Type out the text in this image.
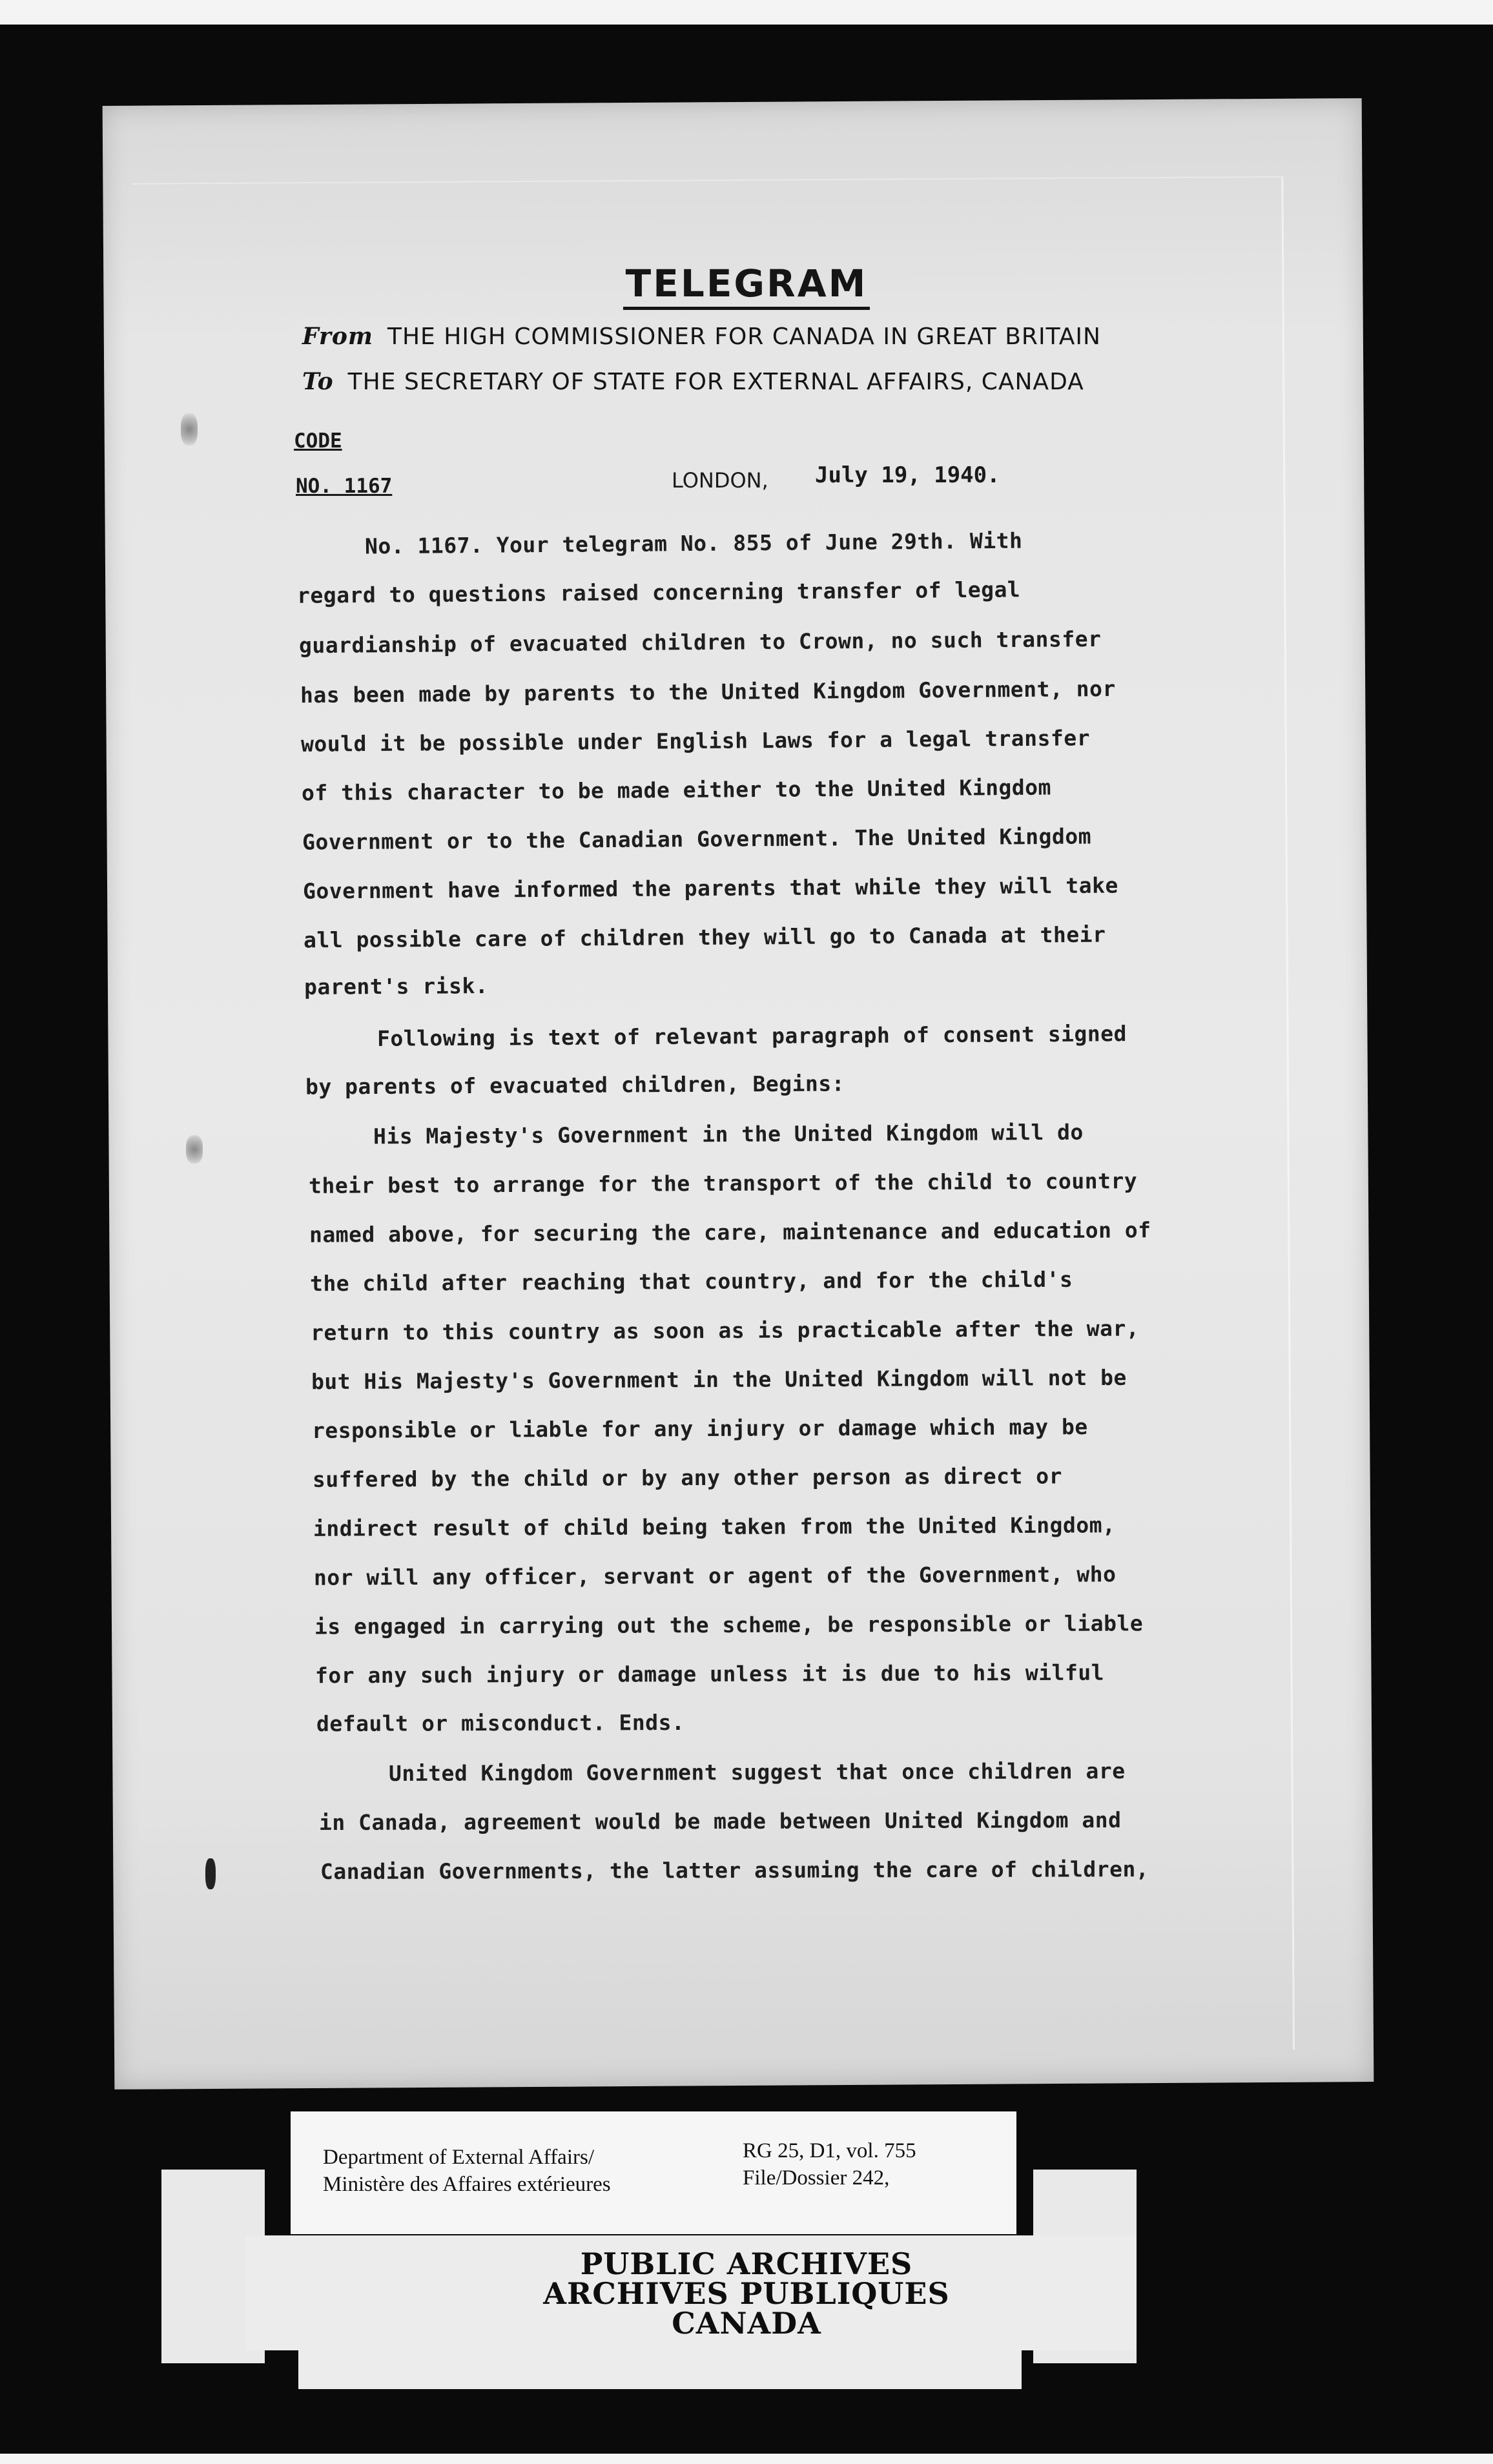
TELEGRAM
From THE HIGH COMMISSIONER FOR CANADA IN GREAT BRITAIN
To THE SECRETARY OF STATE FOR EXTERNAL AFFAIRS, CANADA
CODE
NO. 1167	LONDON, July 19, 1940.
No. 1167. Your telegram No. 855 of June 29th. With
regard to questions raised concerning transfer of legal
guardianship of evacuated children to Crown, no such transfer
has been made by parents to the United Kingdom Government, nor
would it be possible under English Laws for a legal transfer
of this character to be made either to the United Kingdom
Government or to the Canadian Government. The United Kingdom
Government have informed the parents that while they will take
all possible care of children they will go to Canada at their
parent's risk.
Following is text of relevant paragraph of consent signed
by parents of evacuated children, Begins:
His Majesty's Government in the United Kingdom will do
their best to arrange for the transport of the child to country
named above, for securing the care, maintenance and education of
the child after reaching that country, and for the child's
return to this country as soon as is practicable after the war,
but His Majesty's Government in the United Kingdom will not be
responsible or liable for any injury or damage which may be
suffered by the child or by any other person as direct or
indirect result of child being taken from the United Kingdom,
nor will any officer, servant or agent of the Government, who
is engaged in carrying out the scheme, be responsible or liable
for any such injury or damage unless it is due to his wilful
default or misconduct. Ends.
United Kingdom Government suggest that once children are
in Canada, agreement would be made between United Kingdom and
Canadian Governments, the latter assuming the care of children,
Department of External Affairs/
Ministère des Affaires extérieures
RG 25, D1, vol. 755
File/Dossier 242,
PUBLIC ARCHIVES
ARCHIVES PUBLIQUES
CANADA
